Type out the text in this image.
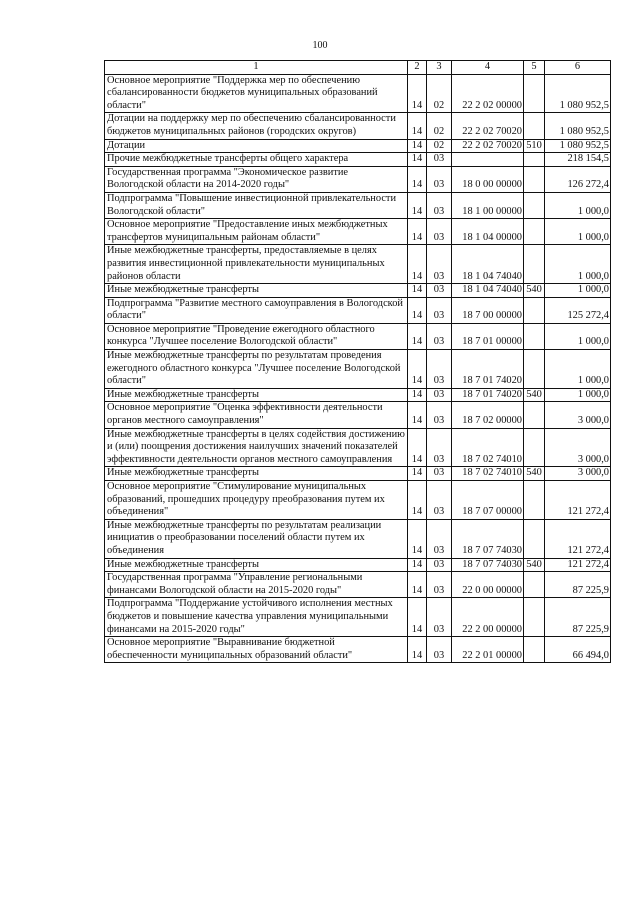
100
1	2	3	4	5	6
Основное мероприятие "Поддержка мер по обеспечению сбалансированности бюджетов муниципальных образований области"	14	02	22 2 02 00000		1 080 952,5
Дотации на поддержку мер по обеспечению сбалансированности бюджетов муниципальных районов (городских округов)	14	02	22 2 02 70020		1 080 952,5
Дотации	14	02	22 2 02 70020	510	1 080 952,5
Прочие межбюджетные трансферты общего характера	14	03			218 154,5
Государственная программа "Экономическое развитие Вологодской области на 2014-2020 годы"	14	03	18 0 00 00000		126 272,4
Подпрограмма "Повышение инвестиционной привлекательности Вологодской области"	14	03	18 1 00 00000		1 000,0
Основное мероприятие "Предоставление иных межбюджетных трансфертов муниципальным районам области"	14	03	18 1 04 00000		1 000,0
Иные межбюджетные трансферты, предоставляемые в целях развития инвестиционной привлекательности муниципальных районов области	14	03	18 1 04 74040		1 000,0
Иные межбюджетные трансферты	14	03	18 1 04 74040	540	1 000,0
Подпрограмма "Развитие местного самоуправления в Вологодской области"	14	03	18 7 00 00000		125 272,4
Основное мероприятие "Проведение ежегодного областного конкурса "Лучшее поселение Вологодской области"	14	03	18 7 01 00000		1 000,0
Иные межбюджетные трансферты по результатам проведения ежегодного областного конкурса "Лучшее поселение Вологодской области"	14	03	18 7 01 74020		1 000,0
Иные межбюджетные трансферты	14	03	18 7 01 74020	540	1 000,0
Основное мероприятие "Оценка эффективности деятельности органов местного самоуправления"	14	03	18 7 02 00000		3 000,0
Иные межбюджетные трансферты в целях содействия достижению и (или) поощрения достижения наилучших значений показателей эффективности деятельности органов местного самоуправления	14	03	18 7 02 74010		3 000,0
Иные межбюджетные трансферты	14	03	18 7 02 74010	540	3 000,0
Основное мероприятие "Стимулирование муниципальных образований, прошедших процедуру преобразования путем их объединения"	14	03	18 7 07 00000		121 272,4
Иные межбюджетные трансферты по результатам реализации инициатив о преобразовании поселений области путем их объединения	14	03	18 7 07 74030		121 272,4
Иные межбюджетные трансферты	14	03	18 7 07 74030	540	121 272,4
Государственная программа "Управление региональными финансами Вологодской области на 2015-2020 годы"	14	03	22 0 00 00000		87 225,9
Подпрограмма "Поддержание устойчивого исполнения местных бюджетов и повышение качества управления муниципальными финансами на 2015-2020 годы"	14	03	22 2 00 00000		87 225,9
Основное мероприятие "Выравнивание бюджетной обеспеченности муниципальных образований области"	14	03	22 2 01 00000		66 494,0
